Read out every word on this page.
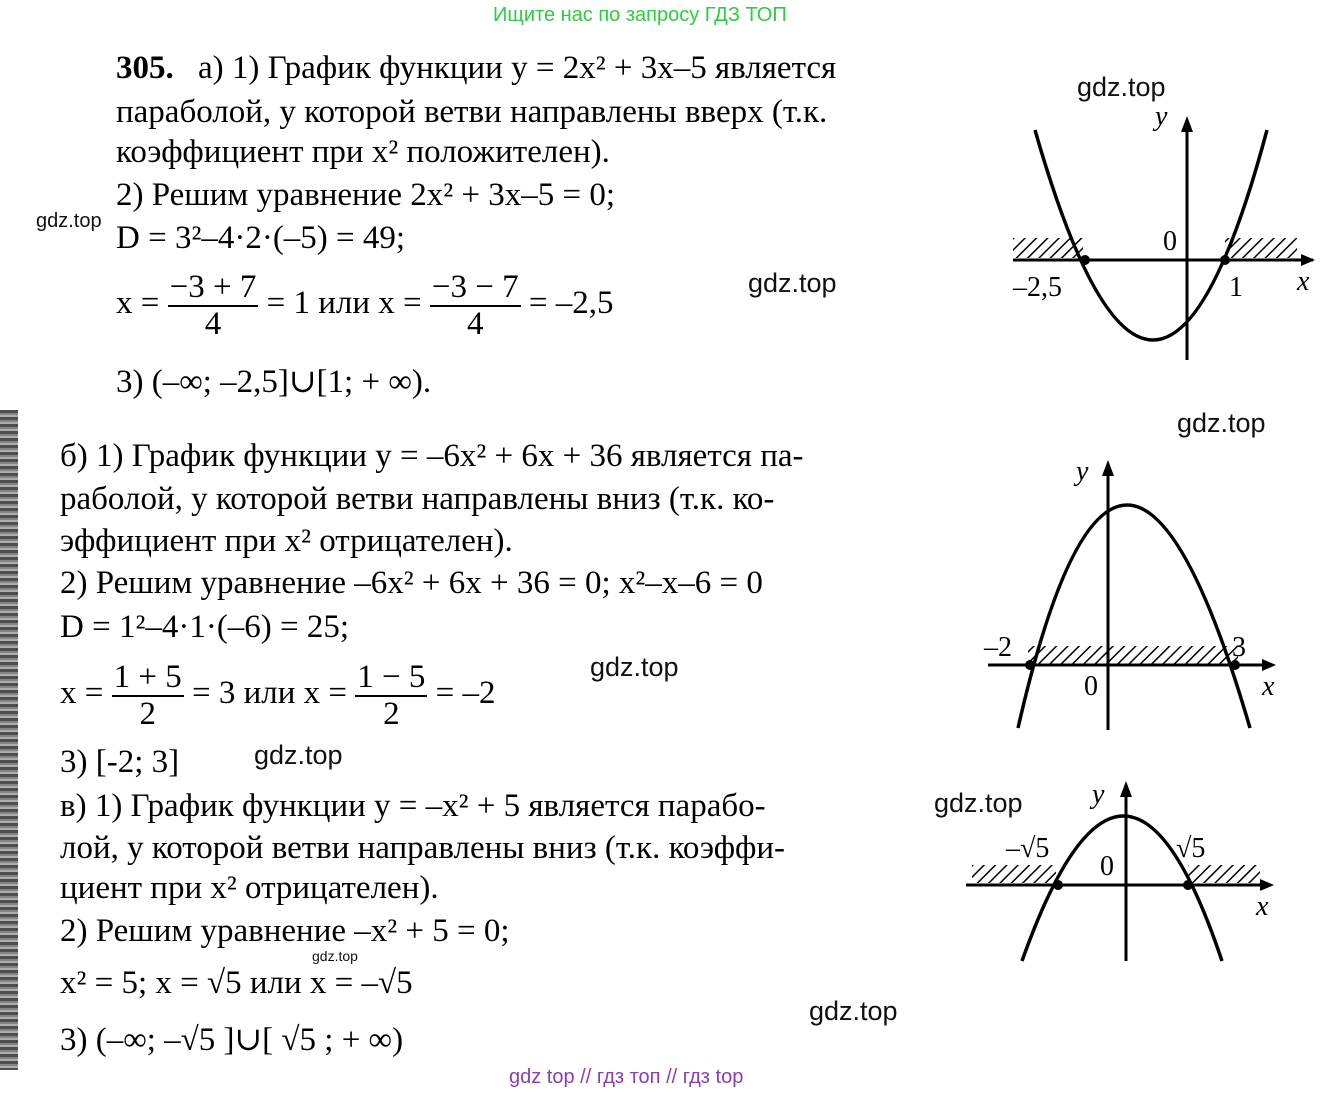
Ищите нас по запросу ГДЗ ТОП
305. а) 1) График функции y = 2x² + 3x–5 является
параболой, у которой ветви направлены вверх (т.к.
коэффициент при x² положителен).
2) Решим уравнение 2x² + 3x–5 = 0;
D = 3²–4·2·(–5) = 49;
$x = \frac{-3 + 7}{4} = 1$ или $x = \frac{-3 - 7}{4} = -2,5$
3) (–∞; –2,5]∪[1; + ∞).
б) 1) График функции y = –6x² + 6x + 36 является па-
раболой, у которой ветви направлены вниз (т.к. ко-
эффициент при x² отрицателен).
2) Решим уравнение –6x² + 6x + 36 = 0; x²–x–6 = 0
D = 1²–4·1·(–6) = 25;
$x = \frac{1 + 5}{2} = 3$ или $x = \frac{1 - 5}{2} = -2$
3) [-2; 3]
в) 1) График функции y = –x² + 5 является парабо-
лой, у которой ветви направлены вниз (т.к. коэффи-
циент при x² отрицателен).
2) Решим уравнение –x² + 5 = 0;
x² = 5; x = √5 или x = –√5
3) (–∞; –√5 ]∪[ √5 ; + ∞)
gdz.top
gdz.top
gdz.top
gdz.top
gdz.top
gdz.top
gdz.top
gdz.top
gdz.top
gdz top // гдз топ // гдз top
y
x
0
–2,5	1
y
x
0
–2	3
y
x
0
–√5	√5
